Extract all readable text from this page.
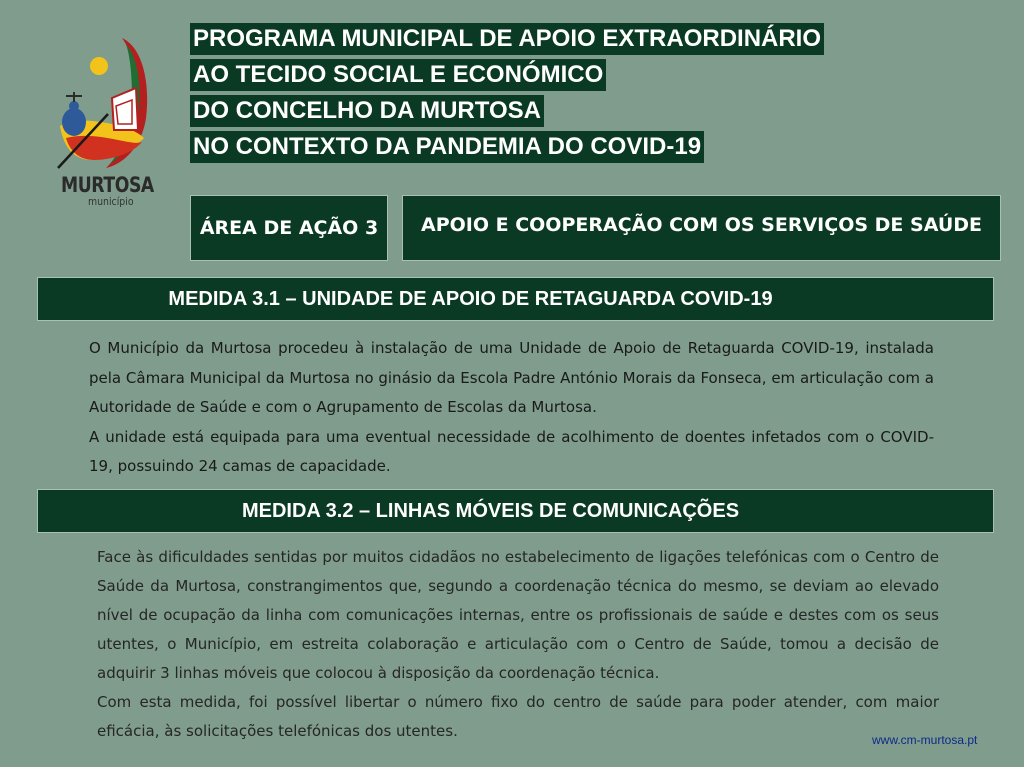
MURTOSA
município
PROGRAMA MUNICIPAL DE APOIO EXTRAORDINÁRIO
AO TECIDO SOCIAL E ECONÓMICO
DO CONCELHO DA MURTOSA
NO CONTEXTO DA PANDEMIA DO COVID-19
ÁREA DE AÇÃO 3 APOIO E COOPERAÇÃO COM OS SERVIÇOS DE SAÚDE
MEDIDA 3.1 – UNIDADE DE APOIO DE RETAGUARDA COVID-19

O Município da Murtosa procedeu à instalação de uma Unidade de Apoio de Retaguarda COVID-19, instalada pela Câmara Municipal da Murtosa no ginásio da Escola Padre António Morais da Fonseca, em articulação com a Autoridade de Saúde e com o Agrupamento de Escolas da Murtosa.

A unidade está equipada para uma eventual necessidade de acolhimento de doentes infetados com o COVID-19, possuindo 24 camas de capacidade.

MEDIDA 3.2 – LINHAS MÓVEIS DE COMUNICAÇÕES

Face às dificuldades sentidas por muitos cidadãos no estabelecimento de ligações telefónicas com o Centro de Saúde da Murtosa, constrangimentos que, segundo a coordenação técnica do mesmo, se deviam ao elevado nível de ocupação da linha com comunicações internas, entre os profissionais de saúde e destes com os seus utentes, o Município, em estreita colaboração e articulação com o Centro de Saúde, tomou a decisão de adquirir 3 linhas móveis que colocou à disposição da coordenação técnica.

Com esta medida, foi possível libertar o número fixo do centro de saúde para poder atender, com maior eficácia, às solicitações telefónicas dos utentes.	www.cm-murtosa.pt
